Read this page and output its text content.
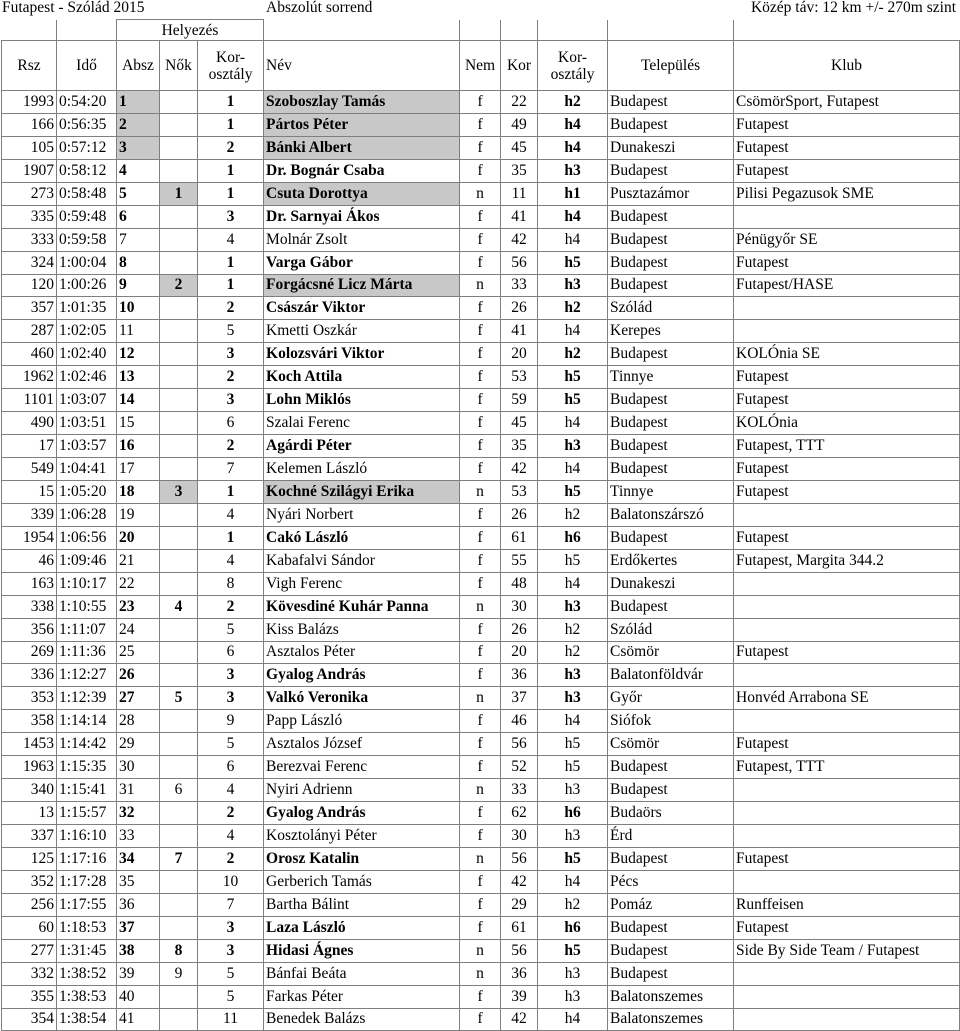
Futapest - Szólád 2015	Abszolút sorrend	Közép táv: 12 km +/- 270m szint
		Helyezés								
Rsz	Idő	Absz	Nők	Kor-
osztály	Név	Nem	Kor	Kor-
osztály	Település	Klub
1993	0:54:20	1		1	Szoboszlay Tamás	f	22	h2	Budapest	CsömörSport, Futapest
166	0:56:35	2		1	Pártos Péter	f	49	h4	Budapest	Futapest
105	0:57:12	3		2	Bánki Albert	f	45	h4	Dunakeszi	Futapest
1907	0:58:12	4		1	Dr. Bognár Csaba	f	35	h3	Budapest	Futapest
273	0:58:48	5	1	1	Csuta Dorottya	n	11	h1	Pusztazámor	Pilisi Pegazusok SME
335	0:59:48	6		3	Dr. Sarnyai Ákos	f	41	h4	Budapest	
333	0:59:58	7		4	Molnár Zsolt	f	42	h4	Budapest	Pénügyőr SE
324	1:00:04	8		1	Varga Gábor	f	56	h5	Budapest	Futapest
120	1:00:26	9	2	1	Forgácsné Licz Márta	n	33	h3	Budapest	Futapest/HASE
357	1:01:35	10		2	Császár Viktor	f	26	h2	Szólád	
287	1:02:05	11		5	Kmetti Oszkár	f	41	h4	Kerepes	
460	1:02:40	12		3	Kolozsvári Viktor	f	20	h2	Budapest	KOLÓnia SE
1962	1:02:46	13		2	Koch Attila	f	53	h5	Tinnye	Futapest
1101	1:03:07	14		3	Lohn Miklós	f	59	h5	Budapest	Futapest
490	1:03:51	15		6	Szalai Ferenc	f	45	h4	Budapest	KOLÓnia
17	1:03:57	16		2	Agárdi Péter	f	35	h3	Budapest	Futapest, TTT
549	1:04:41	17		7	Kelemen László	f	42	h4	Budapest	Futapest
15	1:05:20	18	3	1	Kochné Szilágyi Erika	n	53	h5	Tinnye	Futapest
339	1:06:28	19		4	Nyári Norbert	f	26	h2	Balatonszárszó	
1954	1:06:56	20		1	Cakó László	f	61	h6	Budapest	Futapest
46	1:09:46	21		4	Kabafalvi Sándor	f	55	h5	Erdőkertes	Futapest, Margita 344.2
163	1:10:17	22		8	Vigh Ferenc	f	48	h4	Dunakeszi	
338	1:10:55	23	4	2	Kövesdiné Kuhár Panna	n	30	h3	Budapest	
356	1:11:07	24		5	Kiss Balázs	f	26	h2	Szólád	
269	1:11:36	25		6	Asztalos Péter	f	20	h2	Csömör	Futapest
336	1:12:27	26		3	Gyalog András	f	36	h3	Balatonföldvár	
353	1:12:39	27	5	3	Valkó Veronika	n	37	h3	Győr	Honvéd Arrabona SE
358	1:14:14	28		9	Papp László	f	46	h4	Siófok	
1453	1:14:42	29		5	Asztalos József	f	56	h5	Csömör	Futapest
1963	1:15:35	30		6	Berezvai Ferenc	f	52	h5	Budapest	Futapest, TTT
340	1:15:41	31	6	4	Nyiri Adrienn	n	33	h3	Budapest	
13	1:15:57	32		2	Gyalog András	f	62	h6	Budaörs	
337	1:16:10	33		4	Kosztolányi Péter	f	30	h3	Érd	
125	1:17:16	34	7	2	Orosz Katalin	n	56	h5	Budapest	Futapest
352	1:17:28	35		10	Gerberich Tamás	f	42	h4	Pécs	
256	1:17:55	36		7	Bartha Bálint	f	29	h2	Pomáz	Runffeisen
60	1:18:53	37		3	Laza László	f	61	h6	Budapest	Futapest
277	1:31:45	38	8	3	Hidasi Ágnes	n	56	h5	Budapest	Side By Side Team / Futapest
332	1:38:52	39	9	5	Bánfai Beáta	n	36	h3	Budapest	
355	1:38:53	40		5	Farkas Péter	f	39	h3	Balatonszemes	
354	1:38:54	41		11	Benedek Balázs	f	42	h4	Balatonszemes	
